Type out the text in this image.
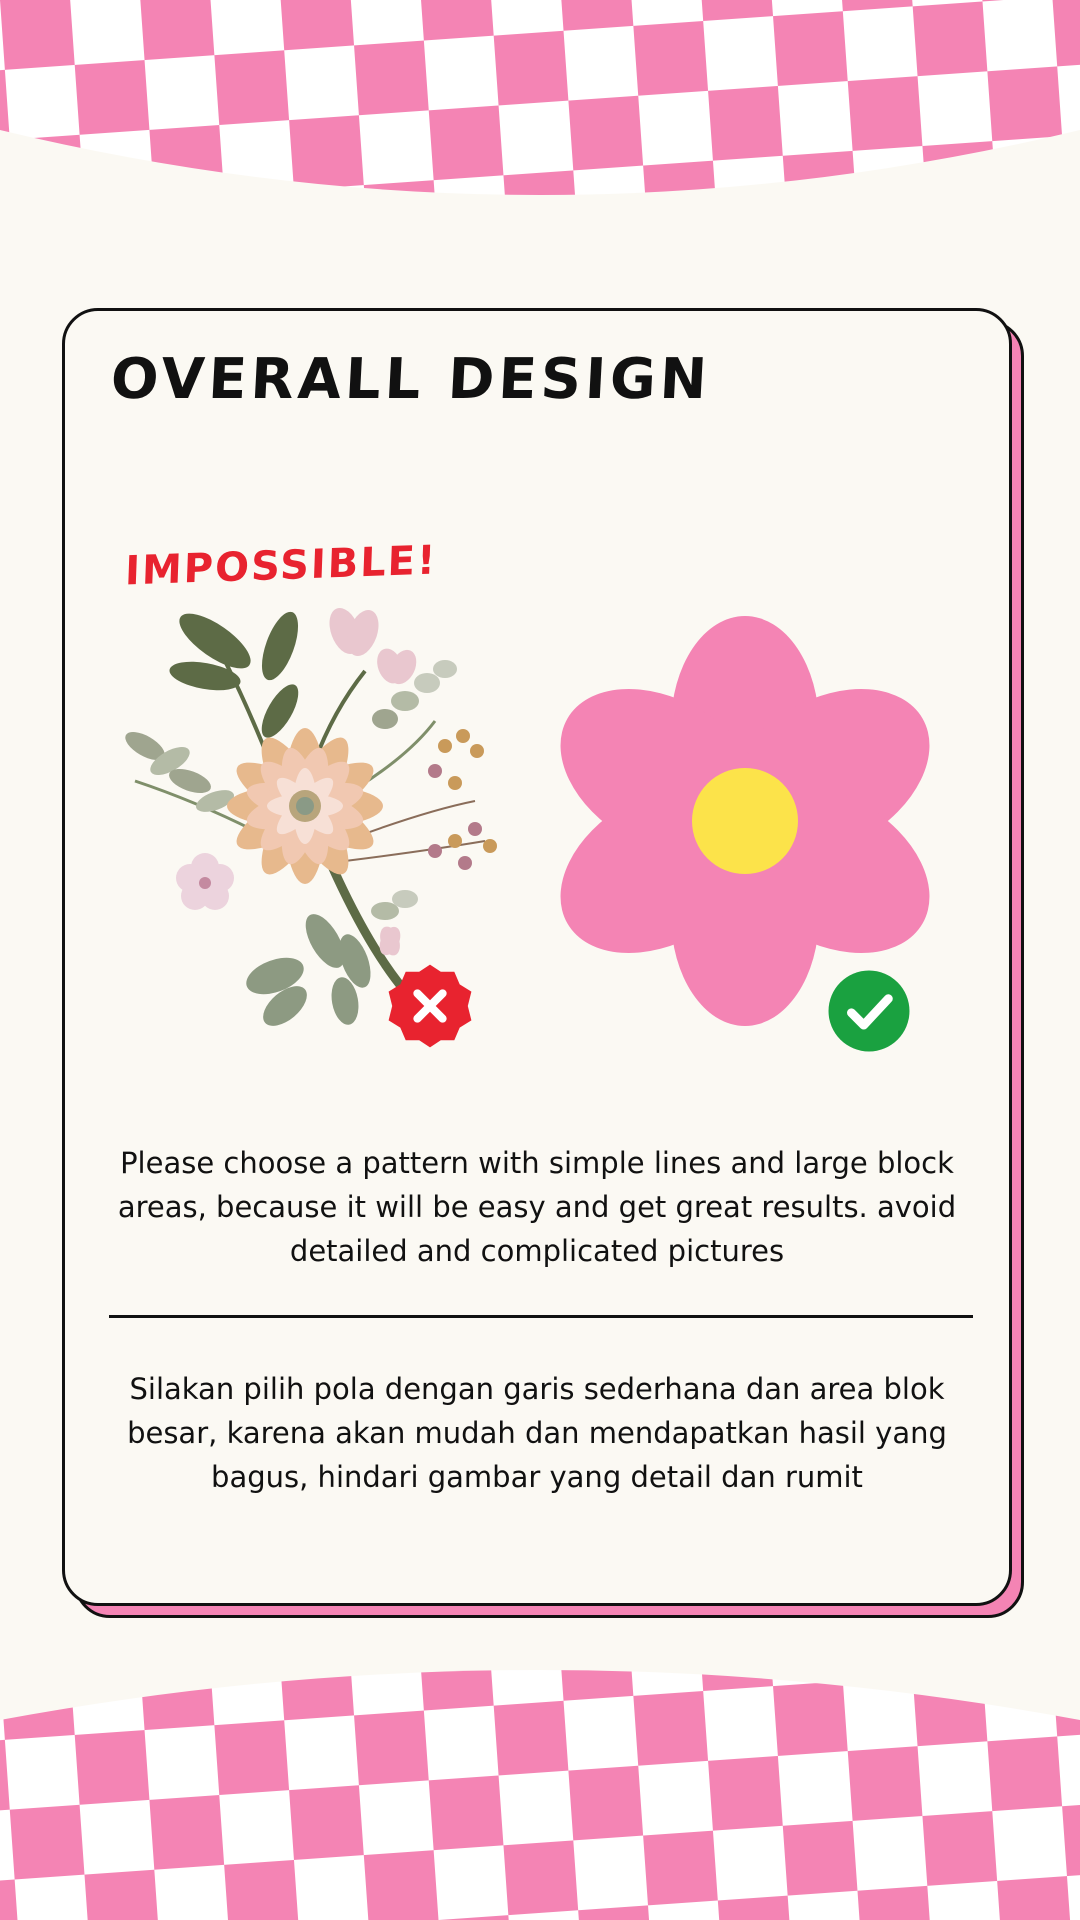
OVERALL DESIGN

IMPOSSIBLE!

Please choose a pattern with simple lines and large block areas, because it will be easy and get great results. avoid detailed and complicated pictures

Silakan pilih pola dengan garis sederhana dan area blok besar, karena akan mudah dan mendapatkan hasil yang bagus, hindari gambar yang detail dan rumit
